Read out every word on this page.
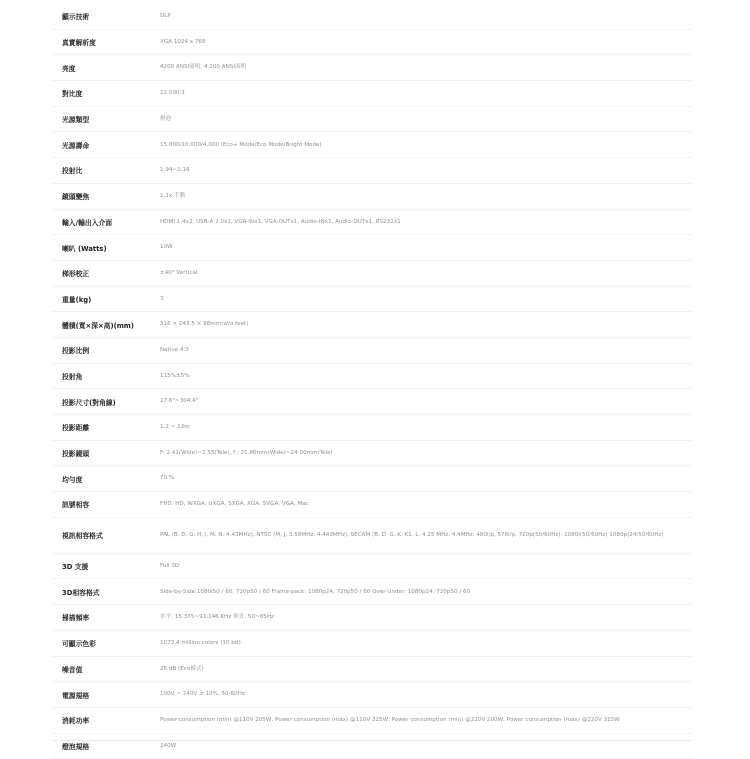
顯示技術	DLP
真實解析度	XGA 1024 x 768
亮度	4200 ANSI流明, 4,200 ANSI流明
對比度	22,000:1
光源類型	燈泡
光源壽命	15,000/10,000/4,000 (Eco+ Mode/Eco Mode/Bright Mode)
投射比	1.94~2.16
鏡頭變焦	1.1x 手動
輸入/輸出入介面	HDMI 1.4x2, USB-A 2.0x1, VGA-INx1, VGA-OUTx1, Audio-INx1, Audio-OUTx1, RS232x1
喇叭 (Watts)	10W
梯形校正	±40° Vertical
重量(kg)	3
體積(寬×深×高)(mm)	316 × 243.5 × 98mm(w/o feet)
投影比例	Native 4:3
投射角	115%±5%
投影尺寸(對角線)	27.6"~304.4"
投影距離	1.2 ~ 12m
投影鏡頭	F: 2.41(Wide)~2.53(Tele), f : 21.86mm(Wide)~24.00mm(Tele)
均勻度	70 %
訊號相容	FHD, HD, WXGA, UXGA, SXGA, XGA, SVGA, VGA, Mac
視訊相容格式	PAL (B, D, G, H, I, M, N, 4.43MHz), NTSC (M, J, 3.58MHz, 4.443MHz), SECAM (B, D, G, K, K1, L, 4.25 MHz, 4.4MHz, 480i/p, 576i/p, 720p(50/60Hz), 1080i(50/60Hz) 1080p(24/50/60Hz)
3D 支援	Full 3D
3D相容格式	Side-by-Side:1080i50 / 60, 720p50 / 60 Frame-pack: 1080p24, 720p50 / 60 Over-Under: 1080p24, 720p50 / 60
掃描頻率	水平: 15.375~91.146 KHz 垂直: 50~85Hz
可顯示色彩	1073.4 million colors (10 bit)
噪音值	25 dB (Eco模式)
電源規格	100V ~ 240V ± 10%, 50-60Hz
消耗功率	Power consumption (min) @110V 205W, Power consumption (max) @110V 325W, Power consumption (min) @220V 200W, Power consumption (max) @220V 315W
燈泡規格	240W
